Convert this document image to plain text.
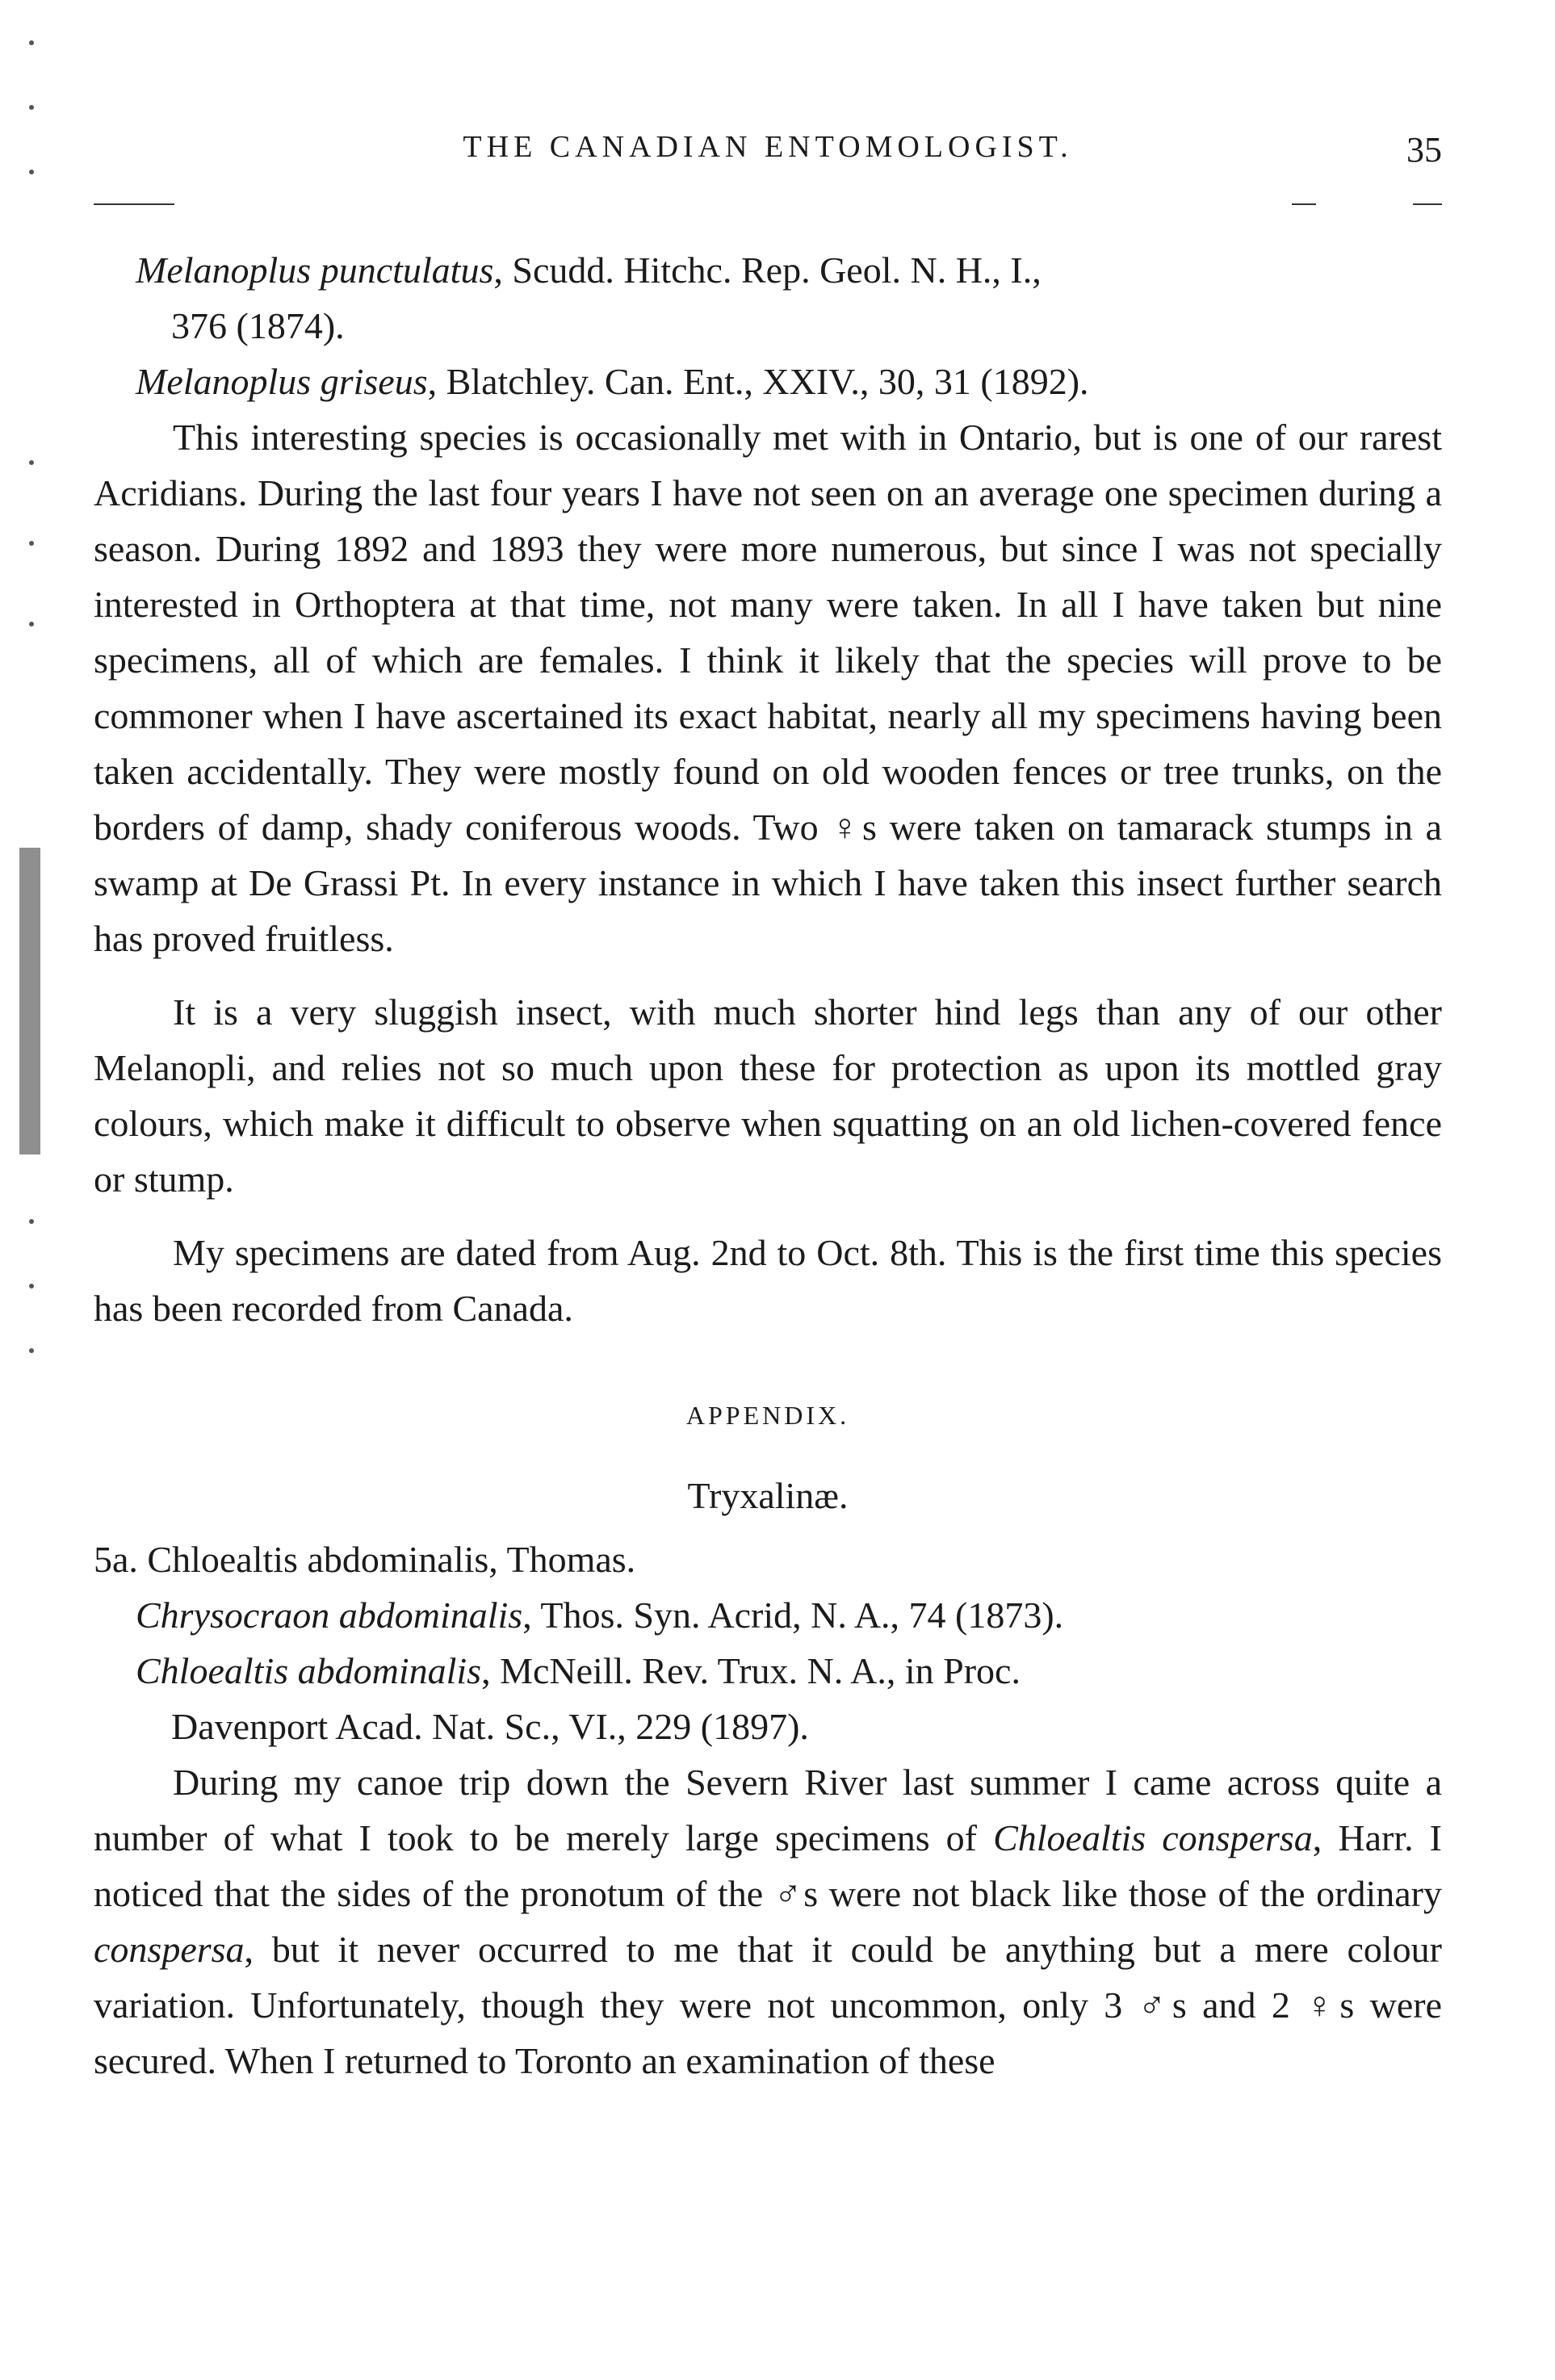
THE CANADIAN ENTOMOLOGIST.	35
Melanoplus punctulatus, Scudd. Hitchc. Rep. Geol. N. H., I.,
376 (1874).
Melanoplus griseus, Blatchley. Can. Ent., XXIV., 30, 31 (1892).

This interesting species is occasionally met with in Ontario, but is one of our rarest Acridians. During the last four years I have not seen on an average one specimen during a season. During 1892 and 1893 they were more numerous, but since I was not specially interested in Orthoptera at that time, not many were taken. In all I have taken but nine specimens, all of which are females. I think it likely that the species will prove to be commoner when I have ascertained its exact habitat, nearly all my specimens having been taken accidentally. They were mostly found on old wooden fences or tree trunks, on the borders of damp, shady coniferous woods. Two ♀s were taken on tamarack stumps in a swamp at De Grassi Pt. In every instance in which I have taken this insect further search has proved fruitless.

It is a very sluggish insect, with much shorter hind legs than any of our other Melanopli, and relies not so much upon these for protection as upon its mottled gray colours, which make it difficult to observe when squatting on an old lichen-covered fence or stump.

My specimens are dated from Aug. 2nd to Oct. 8th. This is the first time this species has been recorded from Canada.

APPENDIX.
Tryxalinæ.
5a. Chloealtis abdominalis, Thomas.
Chrysocraon abdominalis, Thos. Syn. Acrid, N. A., 74 (1873).
Chloealtis abdominalis, McNeill. Rev. Trux. N. A., in Proc.
Davenport Acad. Nat. Sc., VI., 229 (1897).

During my canoe trip down the Severn River last summer I came across quite a number of what I took to be merely large specimens of Chloealtis conspersa, Harr. I noticed that the sides of the pronotum of the ♂s were not black like those of the ordinary conspersa, but it never occurred to me that it could be anything but a mere colour variation. Unfortunately, though they were not uncommon, only 3 ♂s and 2 ♀s were secured. When I returned to Toronto an examination of these
